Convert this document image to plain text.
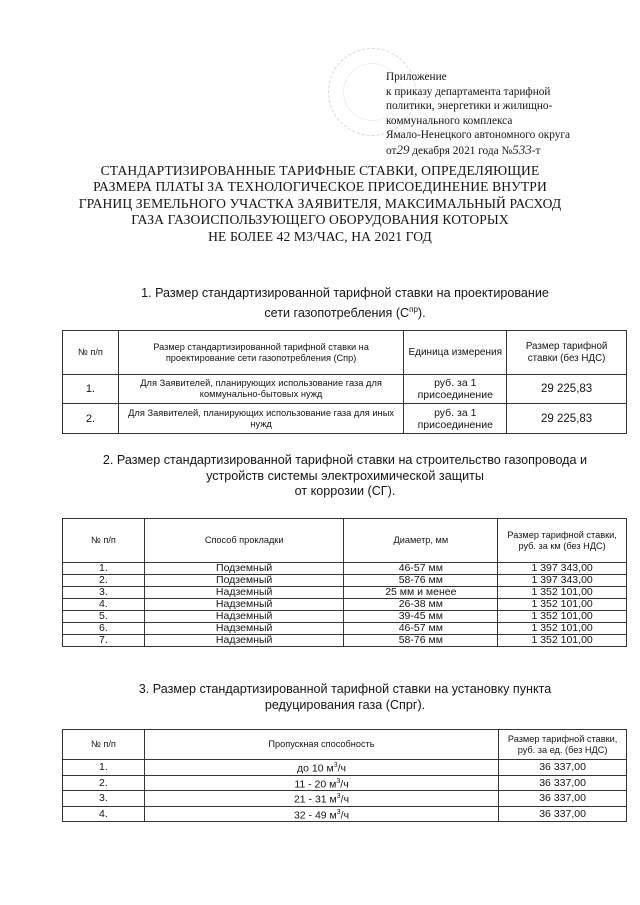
Приложение
к приказу департамента тарифной
политики, энергетики и жилищно-
коммунального комплекса
Ямало-Ненецкого автономного округа
от29 декабря 2021 года №533-т
СТАНДАРТИЗИРОВАННЫЕ ТАРИФНЫЕ СТАВКИ, ОПРЕДЕЛЯЮЩИЕ
РАЗМЕРА ПЛАТЫ ЗА ТЕХНОЛОГИЧЕСКОЕ ПРИСОЕДИНЕНИЕ ВНУТРИ
ГРАНИЦ ЗЕМЕЛЬНОГО УЧАСТКА ЗАЯВИТЕЛЯ, МАКСИМАЛЬНЫЙ РАСХОД
ГАЗА ГАЗОИСПОЛЬЗУЮЩЕГО ОБОРУДОВАНИЯ КОТОРЫХ
НЕ БОЛЕЕ 42 М3/ЧАС, НА 2021 ГОД
1. Размер стандартизированной тарифной ставки на проектирование
сети газопотребления $(С^{пр})$.
№ п/п	Размер стандартизированной тарифной ставки на проектирование сети газопотребления (Спр)	Единица измерения	Размер тарифной ставки (без НДС)
1.	Для Заявителей, планирующих использование газа для коммунально-бытовых нужд	руб. за 1 присоединение	29 225,83
2.	Для Заявителей, планирующих использование газа для иных нужд	руб. за 1 присоединение	29 225,83
2. Размер стандартизированной тарифной ставки на строительство газопровода и
устройств системы электрохимической защиты
от коррозии (СГ).
№ п/п	Способ прокладки	Диаметр, мм	Размер тарифной ставки, руб. за км (без НДС)
1.	Подземный	46-57 мм	1 397 343,00
2.	Подземный	58-76 мм	1 397 343,00
3.	Надземный	25 мм и менее	1 352 101,00
4.	Надземный	26-38 мм	1 352 101,00
5.	Надземный	39-45 мм	1 352 101,00
6.	Надземный	46-57 мм	1 352 101,00
7.	Надземный	58-76 мм	1 352 101,00
3. Размер стандартизированной тарифной ставки на установку пункта
редуцирования газа (Спрг).
№ п/п	Пропускная способность	Размер тарифной ставки, руб. за ед. (без НДС)
1.	до 10 $м^3/ч$	36 337,00
2.	11 - 20 $м^3/ч$	36 337,00
3.	21 - 31 $м^3/ч$	36 337,00
4.	32 - 49 $м^3/ч$	36 337,00
